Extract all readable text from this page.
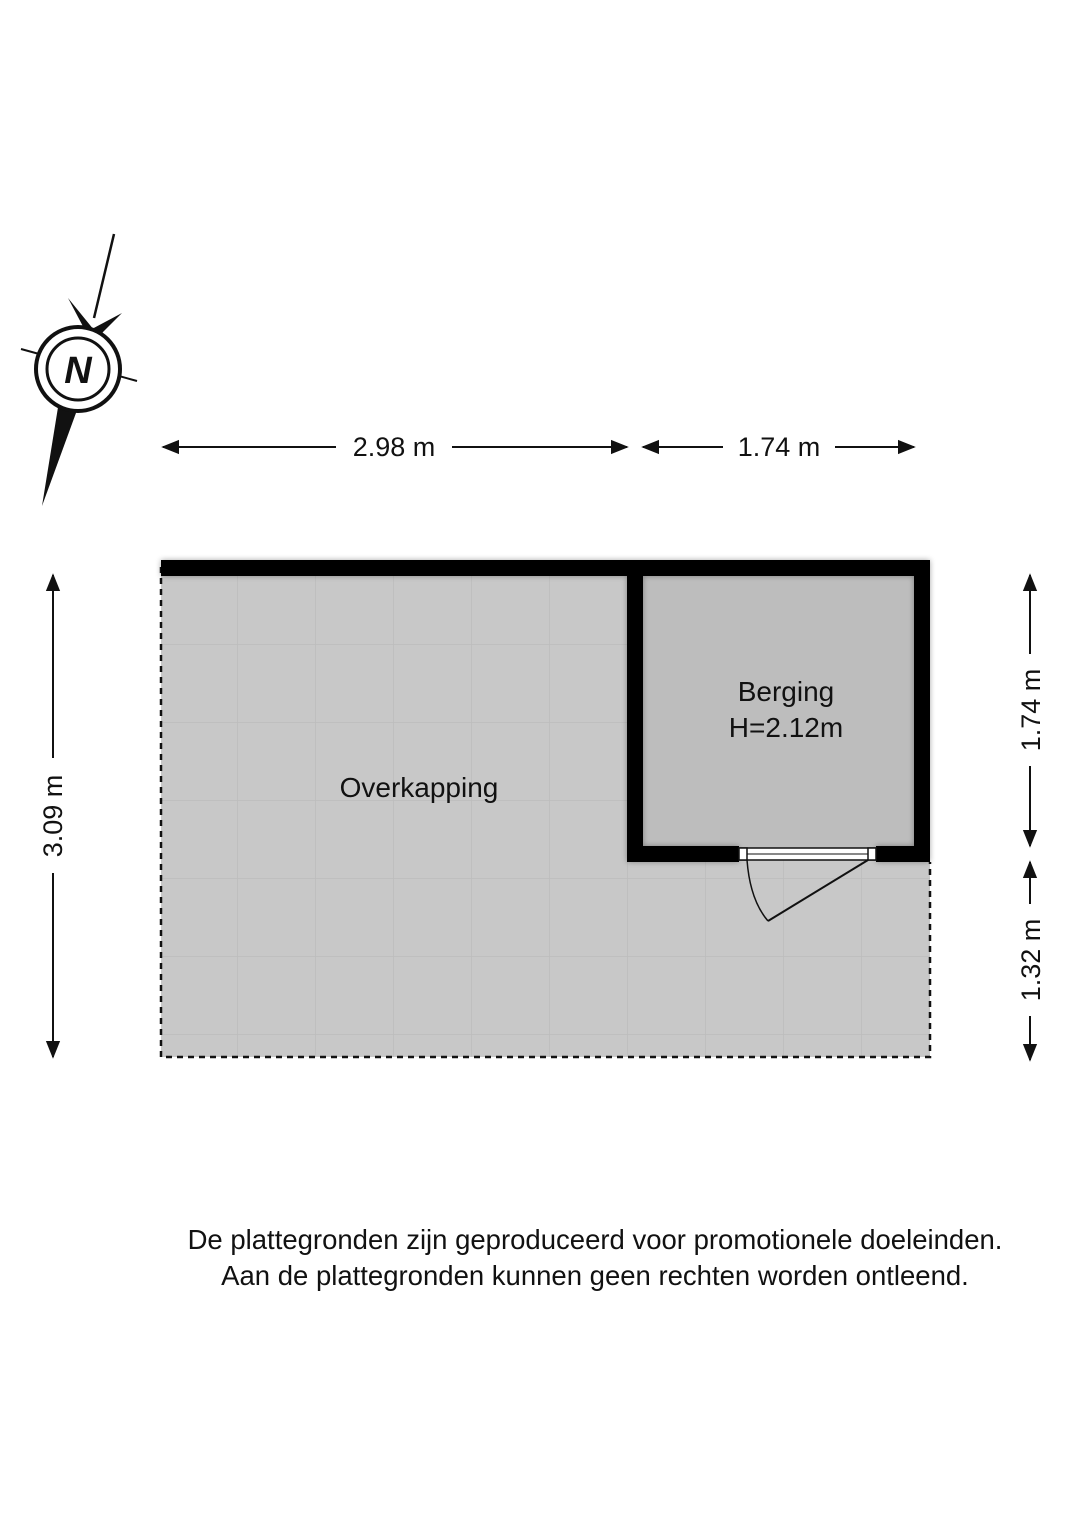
Overkapping
Berging
H=2.12m
2.98 m	1.74 m
3.09 m
1.74 m
1.32 m
N
De plattegronden zijn geproduceerd voor promotionele doeleinden.
Aan de plattegronden kunnen geen rechten worden ontleend.
